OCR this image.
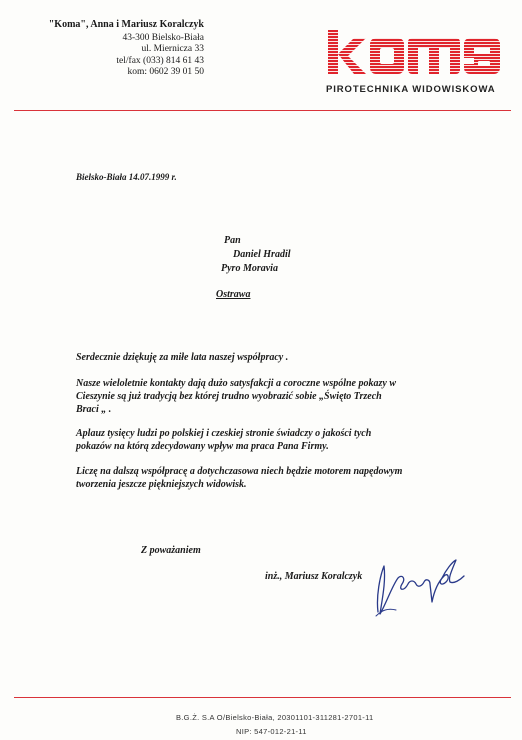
"Koma", Anna i Mariusz Koralczyk
43-300 Bielsko-Biała
ul. Miernicza 33
tel/fax (033) 814 61 43
kom: 0602 39 01 50
PIROTECHNIKA WIDOWISKOWA
Bielsko-Biała 14.07.1999 r.
Pan
Daniel Hradil
Pyro Moravia
Ostrawa
Serdecznie dziękuję za miłe lata naszej współpracy .
Nasze wieloletnie kontakty dają dużo satysfakcji a coroczne wspólne pokazy w
Cieszynie są już tradycją bez której trudno wyobrazić sobie „Święto Trzech
Braci „ .
Aplauz tysięcy ludzi po polskiej i czeskiej stronie świadczy o jakości tych
pokazów na którą zdecydowany wpływ ma praca Pana Firmy.
Liczę na dalszą współpracę a dotychczasowa niech będzie motorem napędowym
tworzenia jeszcze piękniejszych widowisk.
Z poważaniem
inż., Mariusz Koralczyk
B.G.Ż. S.A O/Bielsko-Biała, 20301101-311281-2701-11
NIP: 547-012-21-11
